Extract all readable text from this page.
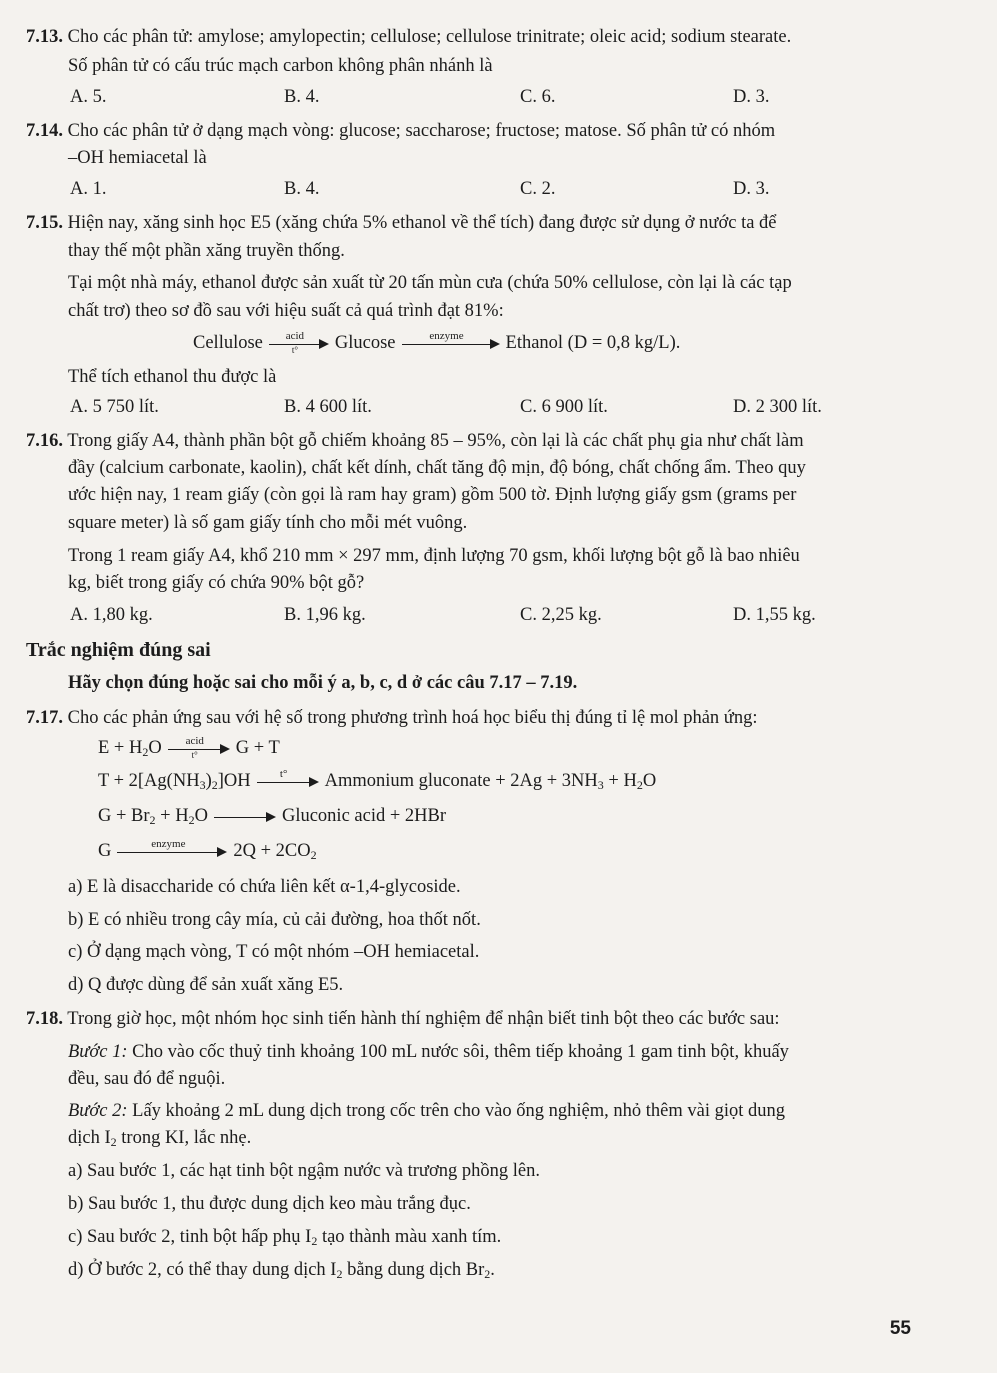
7.13. Cho các phân tử: amylose; amylopectin; cellulose; cellulose trinitrate; oleic acid; sodium stearate.
Số phân tử có cấu trúc mạch carbon không phân nhánh là
A. 5.	B. 4.	C. 6.	D. 3.
7.14. Cho các phân tử ở dạng mạch vòng: glucose; saccharose; fructose; matose. Số phân tử có nhóm
–OH hemiacetal là
A. 1.	B. 4.	C. 2.	D. 3.
7.15. Hiện nay, xăng sinh học E5 (xăng chứa 5% ethanol về thể tích) đang được sử dụng ở nước ta để
thay thế một phần xăng truyền thống.
Tại một nhà máy, ethanol được sản xuất từ 20 tấn mùn cưa (chứa 50% cellulose, còn lại là các tạp
chất trơ) theo sơ đồ sau với hiệu suất cả quá trình đạt 81%:
Cellulose	acid
t°	Glucose	enzyme	Ethanol (D = 0,8 kg/L).
Thể tích ethanol thu được là
A. 5 750 lít.	B. 4 600 lít.	C. 6 900 lít.	D. 2 300 lít.
7.16. Trong giấy A4, thành phần bột gỗ chiếm khoảng 85 – 95%, còn lại là các chất phụ gia như chất làm
đầy (calcium carbonate, kaolin), chất kết dính, chất tăng độ mịn, độ bóng, chất chống ẩm. Theo quy
ước hiện nay, 1 ream giấy (còn gọi là ram hay gram) gồm 500 tờ. Định lượng giấy gsm (grams per
square meter) là số gam giấy tính cho mỗi mét vuông.
Trong 1 ream giấy A4, khổ 210 mm × 297 mm, định lượng 70 gsm, khối lượng bột gỗ là bao nhiêu
kg, biết trong giấy có chứa 90% bột gỗ?
A. 1,80 kg.	B. 1,96 kg.	C. 2,25 kg.	D. 1,55 kg.
Trắc nghiệm đúng sai
Hãy chọn đúng hoặc sai cho mỗi ý a, b, c, d ở các câu 7.17 – 7.19.
7.17. Cho các phản ứng sau với hệ số trong phương trình hoá học biểu thị đúng tỉ lệ mol phản ứng:
$E + H_2O$	acid
t°	G + T
$T + 2[Ag(NH_3)_2]OH$	t°	Ammonium gluconate + $2Ag + 3NH_3 + H_2O$
$G + Br_2 + H_2O$	Gluconic acid + 2HBr
G	enzyme	$2Q + 2CO_2$
a) E là disaccharide có chứa liên kết α-1,4-glycoside.
b) E có nhiều trong cây mía, củ cải đường, hoa thốt nốt.
c) Ở dạng mạch vòng, T có một nhóm –OH hemiacetal.
d) Q được dùng để sản xuất xăng E5.
7.18. Trong giờ học, một nhóm học sinh tiến hành thí nghiệm để nhận biết tinh bột theo các bước sau:
Bước 1: Cho vào cốc thuỷ tinh khoảng 100 mL nước sôi, thêm tiếp khoảng 1 gam tinh bột, khuấy
đều, sau đó để nguội.
Bước 2: Lấy khoảng 2 mL dung dịch trong cốc trên cho vào ống nghiệm, nhỏ thêm vài giọt dung
dịch $I_2$ trong KI, lắc nhẹ.
a) Sau bước 1, các hạt tinh bột ngậm nước và trương phồng lên.
b) Sau bước 1, thu được dung dịch keo màu trắng đục.
c) Sau bước 2, tinh bột hấp phụ $I_2$ tạo thành màu xanh tím.
d) Ở bước 2, có thể thay dung dịch $I_2$ bằng dung dịch $Br_2$.
55
